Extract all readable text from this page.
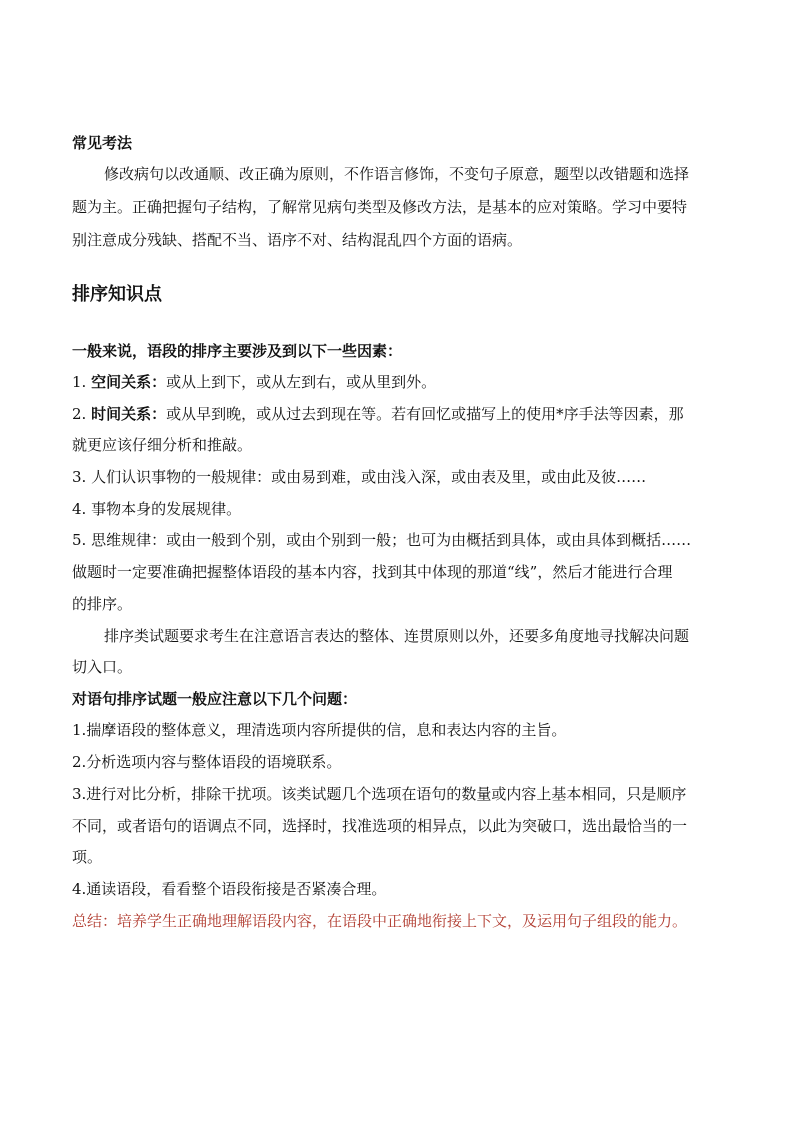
常见考法
修改病句以改通顺、改正确为原则，不作语言修饰，不变句子原意，题型以改错题和选择
题为主。正确把握句子结构，了解常见病句类型及修改方法，是基本的应对策略。学习中要特
别注意成分残缺、搭配不当、语序不对、结构混乱四个方面的语病。
排序知识点
一般来说，语段的排序主要涉及到以下一些因素：
1. 空间关系：或从上到下，或从左到右，或从里到外。
2. 时间关系：或从早到晚，或从过去到现在等。若有回忆或描写上的使用*序手法等因素，那
就更应该仔细分析和推敲。
3. 人们认识事物的一般规律：或由易到难，或由浅入深，或由表及里，或由此及彼……
4. 事物本身的发展规律。
5. 思维规律：或由一般到个别，或由个别到一般；也可为由概括到具体，或由具体到概括……
做题时一定要准确把握整体语段的基本内容，找到其中体现的那道“线”，然后才能进行合理
的排序。
排序类试题要求考生在注意语言表达的整体、连贯原则以外，还要多角度地寻找解决问题
切入口。
对语句排序试题一般应注意以下几个问题：
1.揣摩语段的整体意义，理清选项内容所提供的信，息和表达内容的主旨。
2.分析选项内容与整体语段的语境联系。
3.进行对比分析，排除干扰项。该类试题几个选项在语句的数量或内容上基本相同，只是顺序
不同，或者语句的语调点不同，选择时，找准选项的相异点，以此为突破口，选出最恰当的一
项。
4.通读语段，看看整个语段衔接是否紧凑合理。
总结：培养学生正确地理解语段内容，在语段中正确地衔接上下文，及运用句子组段的能力。
